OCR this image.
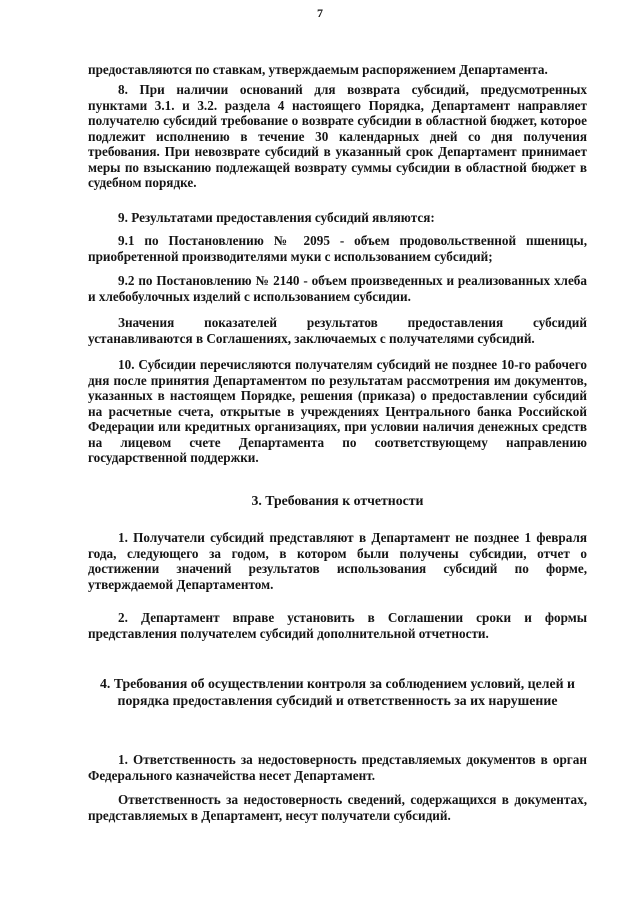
7

предоставляются по ставкам, утверждаемым распоряжением Департамента.

8. При наличии оснований для возврата субсидий, предусмотренных пунктами 3.1. и 3.2. раздела 4 настоящего Порядка, Департамент направляет получателю субсидий требование о возврате субсидии в областной бюджет, которое подлежит исполнению в течение 30 календарных дней со дня получения требования. При невозврате субсидий в указанный срок Департамент принимает меры по взысканию подлежащей возврату суммы субсидии в областной бюджет в судебном порядке.

9. Результатами предоставления субсидий являются:

9.1 по Постановлению № 2095 - объем продовольственной пшеницы, приобретенной производителями муки с использованием субсидий;

9.2 по Постановлению № 2140 - объем произведенных и реализованных хлеба и хлебобулочных изделий с использованием субсидии.

Значения показателей результатов предоставления субсидий устанавливаются в Соглашениях, заключаемых с получателями субсидий.

10. Субсидии перечисляются получателям субсидий не позднее 10-го рабочего дня после принятия Департаментом по результатам рассмотрения им документов, указанных в настоящем Порядке, решения (приказа) о предоставлении субсидий на расчетные счета, открытые в учреждениях Центрального банка Российской Федерации или кредитных организациях, при условии наличия денежных средств на лицевом счете Департамента по соответствующему направлению государственной поддержки.

3. Требования к отчетности

1. Получатели субсидий представляют в Департамент не позднее 1 февраля года, следующего за годом, в котором были получены субсидии, отчет о достижении значений результатов использования субсидий по форме, утверждаемой Департаментом.

2. Департамент вправе установить в Соглашении сроки и формы представления получателем субсидий дополнительной отчетности.

4. Требования об осуществлении контроля за соблюдением условий, целей и порядка предоставления субсидий и ответственность за их нарушение

1. Ответственность за недостоверность представляемых документов в орган Федерального казначейства несет Департамент.

Ответственность за недостоверность сведений, содержащихся в документах, представляемых в Департамент, несут получатели субсидий.
